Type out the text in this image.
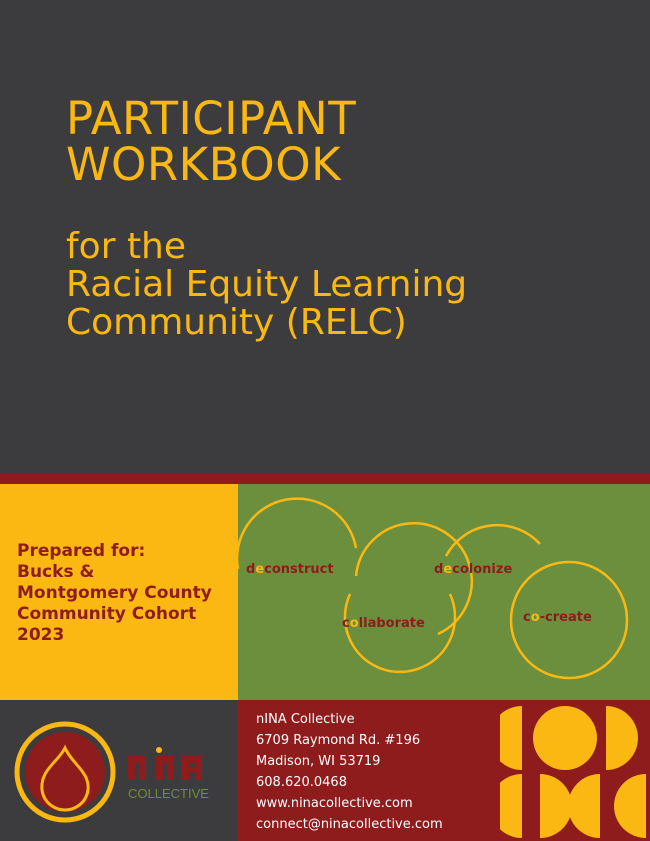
PARTICIPANT
WORKBOOK
for the
Racial Equity Learning
Community (RELC)

Prepared for:
Bucks &
Montgomery County
Community Cohort
2023

deconstruct
collaborate
decolonize
co-create
COLLECTIVE

nINA Collective
6709 Raymond Rd. #196
Madison, WI 53719
608.620.0468
www.ninacollective.com
connect@ninacollective.com
